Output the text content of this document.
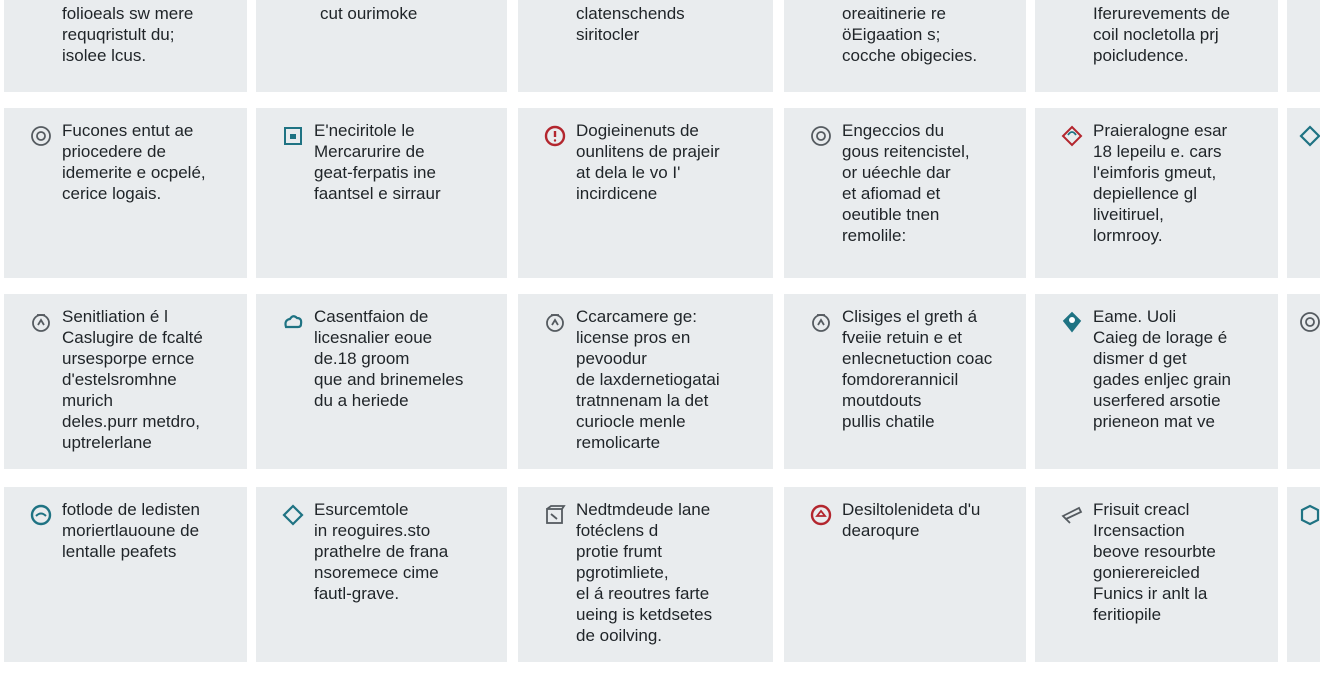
folioeals sw mere
requqristult du;
isolee lcus.
cut ourimoke	clatenschends
siritocler
oreaitinerie re
öEigaation s;
cocche obigecies.
Iferurevements de
coil nocletolla prj
poicludence.
Fucones entut ae
priocedere de
idemerite e ocpelé,
cerice logais.
E'neciritole le
Mercarurire de
geat-ferpatis ine
faantsel e sirraur
Dogieinenuts de
ounlitens de prajeir
at dela le vo I'
incirdicene
Engeccios du
gous reitencistel,
or uéechle dar
et afiomad et
oeutible tnen
remolile:
Praieralogne esar
18 lepeilu e. cars
l'eimforis gmeut,
depiellence gl
liveitiruel,
lormrooy.
Senitliation é l
Caslugire de fcalté
ursesporpe ernce
d'estelsromhne
murich
deles.purr metdro,
uptrelerlane
Casentfaion de
licesnalier eoue
de.18 groom
que and brinemeles
du a heriede
Ccarcamere ge:
license pros en
pevoodur
de laxdernetiogatai
tratnnenam la det
curiocle menle
remolicarte
Clisiges el greth á
fveiie retuin e et
enlecnetuction coac
fomdorerannicil
moutdouts
pullis chatile
Eame. Uoli
Caieg de lorage é
dismer d get
gades enljec grain
userfered arsotie
prieneon mat ve
fotlode de ledisten
moriertlauoune de
lentalle peafets
Esurcemtole
in reoguires.sto
prathelre de frana
nsoremece cime
fautl-grave.
Nedtmdeude lane
fotéclens d
protie frumt
pgrotimliete,
el á reoutres farte
ueing is ketdsetes
de ooilving.
Desiltolenideta d'u
dearoqure
Frisuit creacl
Ircensaction
beove resourbte
gonierereicled
Funics ir anlt la
feritiopile
